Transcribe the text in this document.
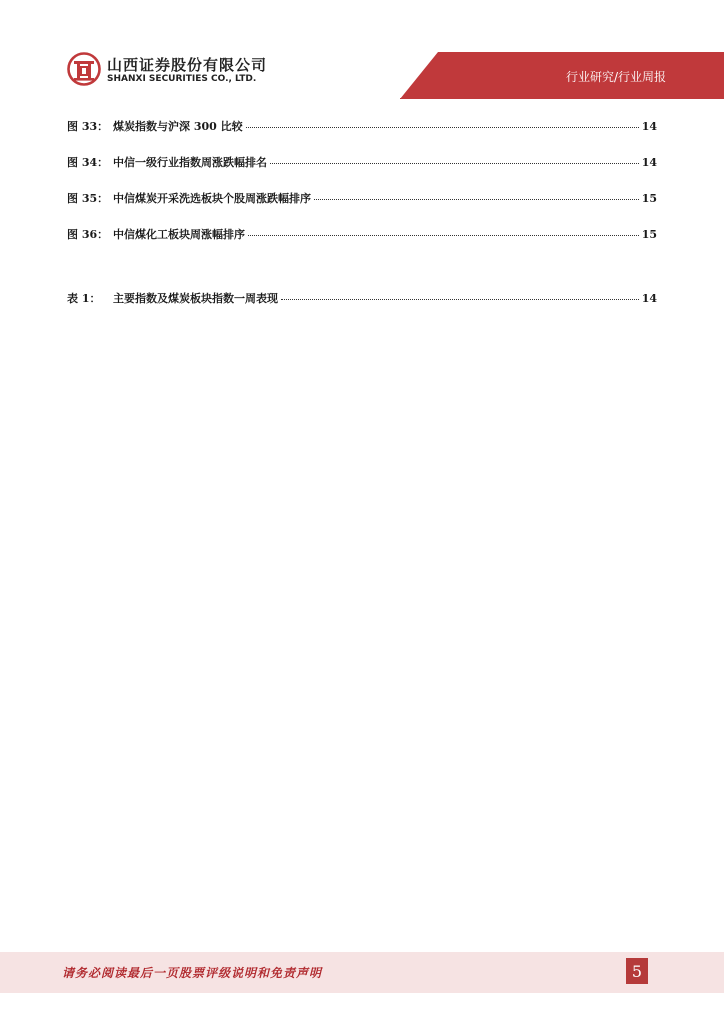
山西证券股份有限公司
SHANXI SECURITIES CO., LTD.	行业研究/行业周报
图 33： 煤炭指数与沪深 300 比较	14
图 34： 中信一级行业指数周涨跌幅排名	14
图 35： 中信煤炭开采洗选板块个股周涨跌幅排序	15
图 36： 中信煤化工板块周涨幅排序	15
表 1：	主要指数及煤炭板块指数一周表现	14
请务必阅读最后一页股票评级说明和免责声明	5
